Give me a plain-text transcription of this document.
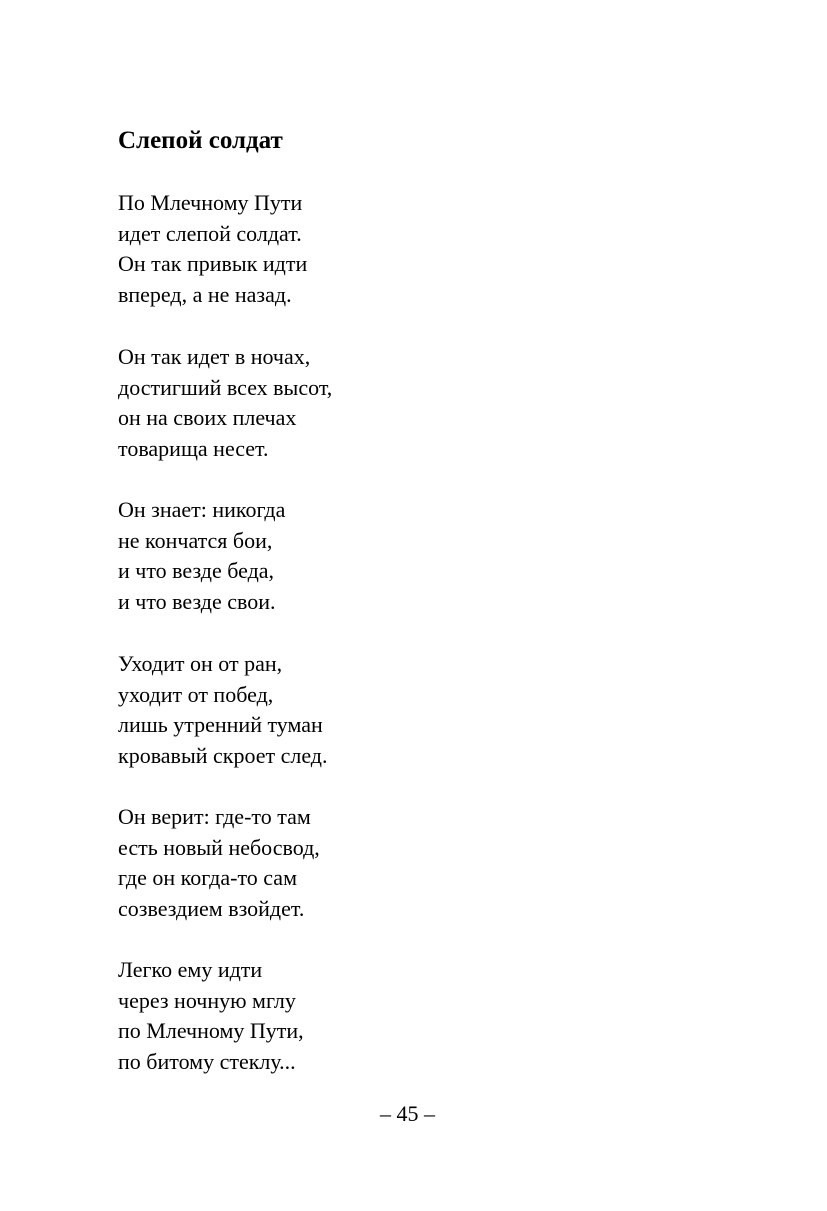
Слепой солдат
По Млечному Пути
идет слепой солдат.
Он так привык идти
вперед, а не назад.
Он так идет в ночах,
достигший всех высот,
он на своих плечах
товарища несет.
Он знает: никогда
не кончатся бои,
и что везде беда,
и что везде свои.
Уходит он от ран,
уходит от побед,
лишь утренний туман
кровавый скроет след.
Он верит: где-то там
есть новый небосвод,
где он когда-то сам
созвездием взойдет.
Легко ему идти
через ночную мглу
по Млечному Пути,
по битому стеклу...
– 45 –
